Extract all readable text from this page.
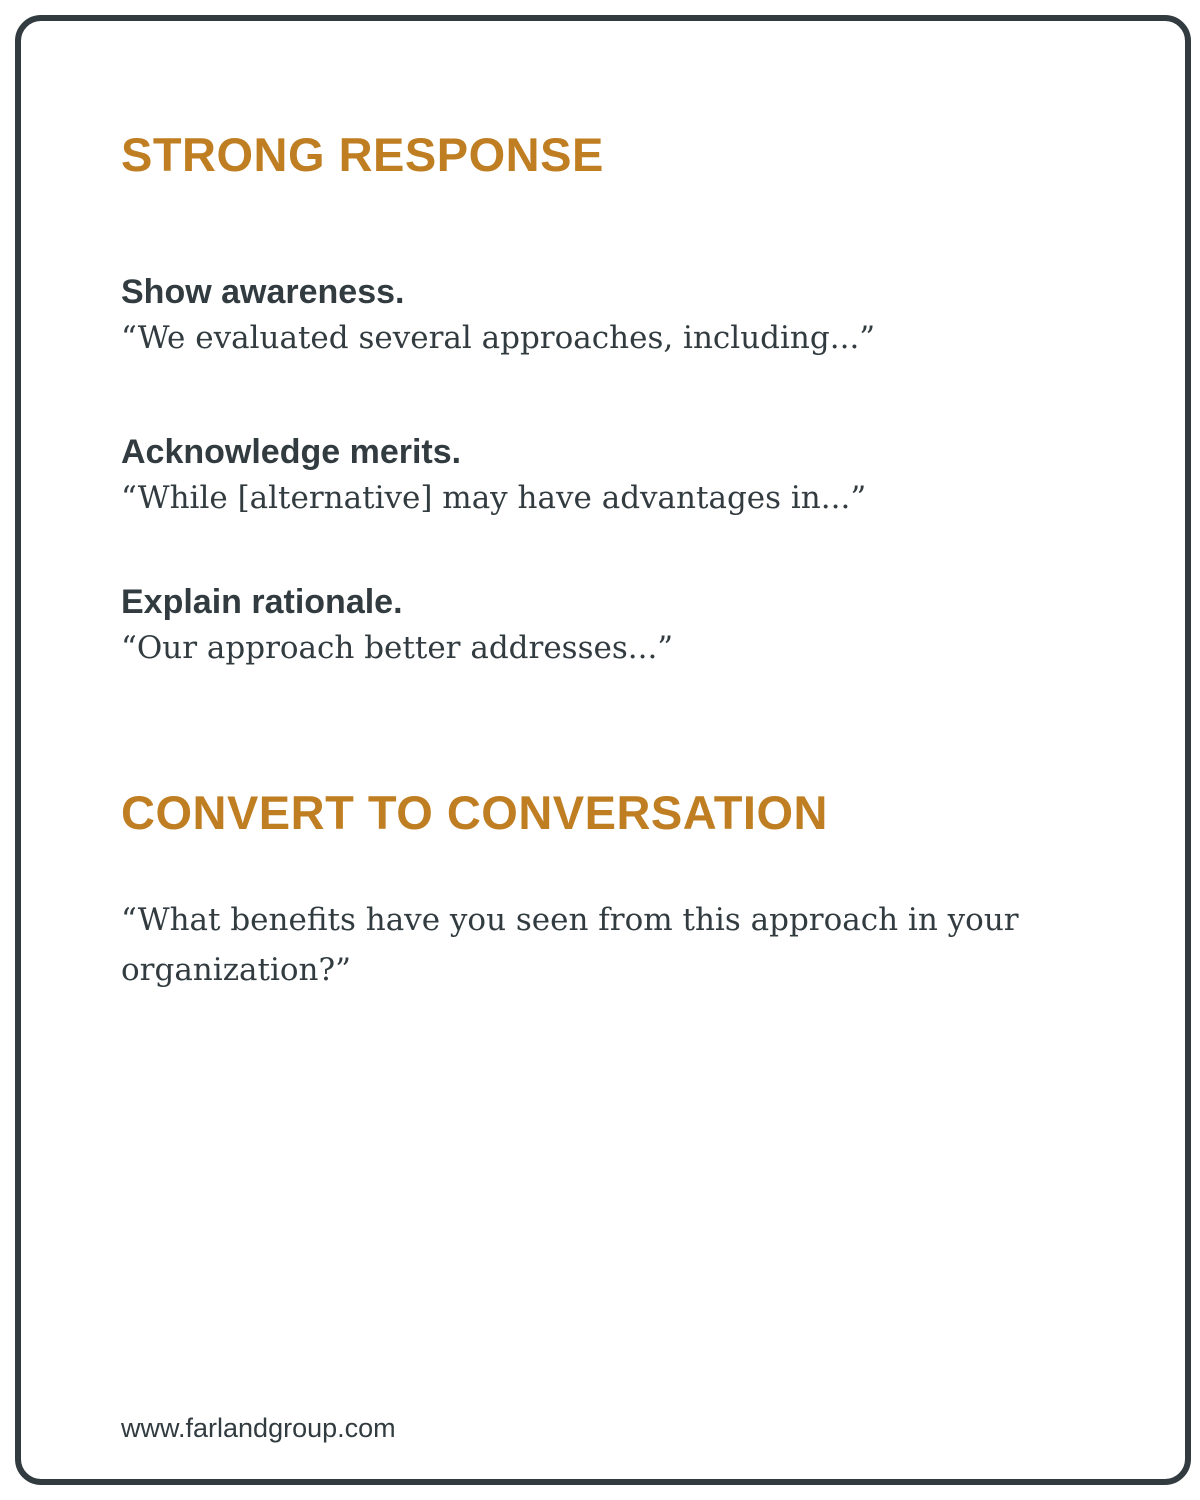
STRONG RESPONSE
Show awareness.
“We evaluated several approaches, including...”
Acknowledge merits.
“While [alternative] may have advantages in...”
Explain rationale.
“Our approach better addresses...”
CONVERT TO CONVERSATION
“What benefits have you seen from this approach in your organization?”
www.farlandgroup.com
